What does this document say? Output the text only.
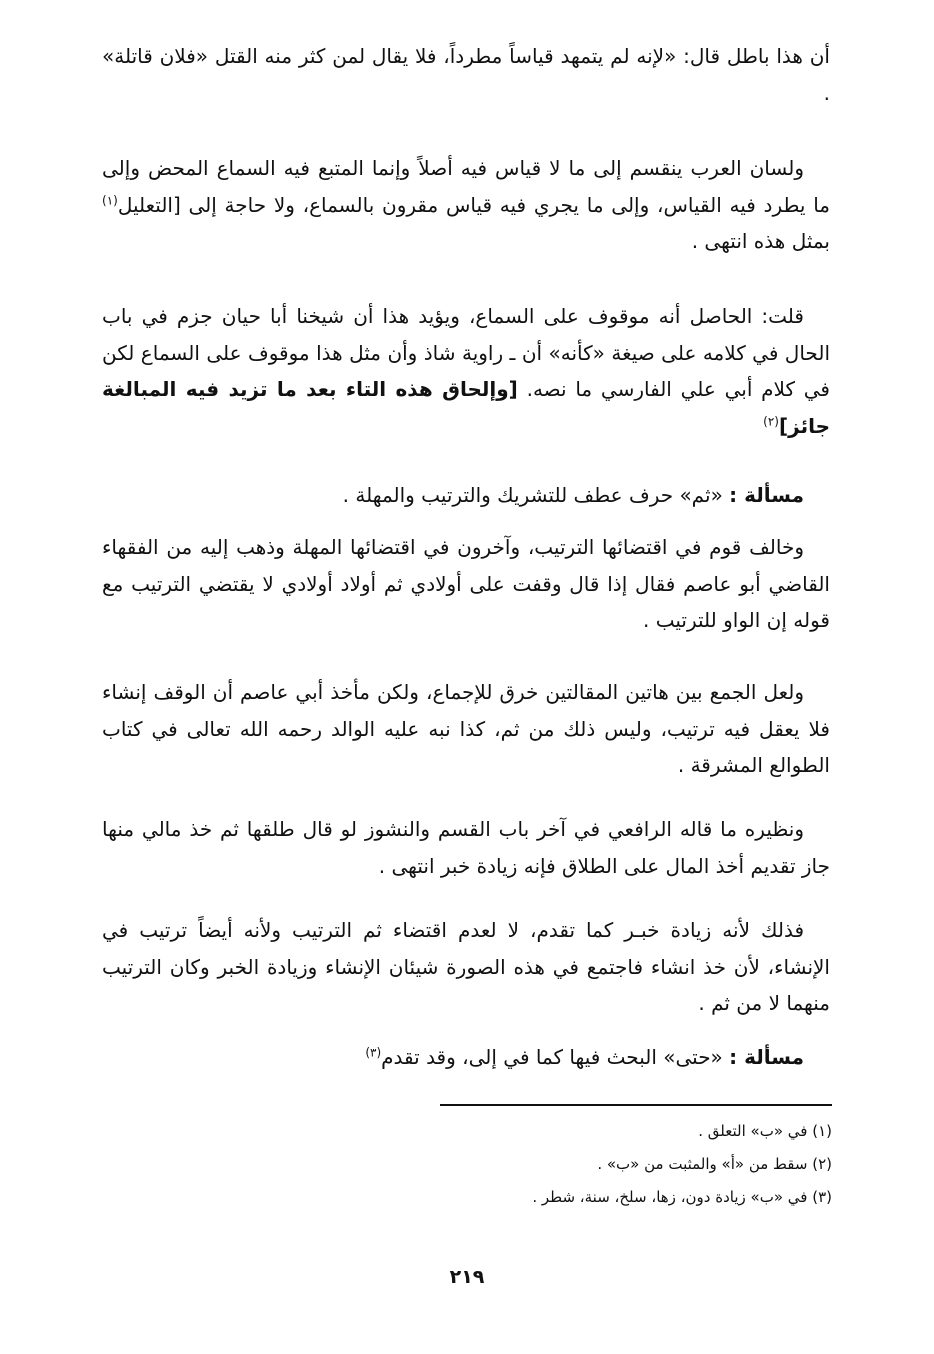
أن هذا باطل قال: «لإنه لم يتمهد قياساً مطرداً، فلا يقال لمن كثر منه القتل «فلان قاتلة» .

ولسان العرب ينقسم إلى ما لا قياس فيه أصلاً وإنما المتبع فيه السماع المحض وإلى ما يطرد فيه القياس، وإلى ما يجري فيه قياس مقرون بالسماع، ولا حاجة إلى [التعليل$^{(١)}$ بمثل هذه انتهى .

قلت: الحاصل أنه موقوف على السماع، ويؤيد هذا أن شيخنا أبا حيان جزم في باب الحال في كلامه على صيغة «كأنه» أن ـ راوية شاذ وأن مثل هذا موقوف على السماع لكن في كلام أبي علي الفارسي ما نصه. [وإلحاق هذه التاء بعد ما تزيد فيه المبالغة جائز]$^{(٢)}$

مسألة : «ثم» حرف عطف للتشريك والترتيب والمهلة .

وخالف قوم في اقتضائها الترتيب، وآخرون في اقتضائها المهلة وذهب إليه من الفقهاء القاضي أبو عاصم فقال إذا قال وقفت على أولادي ثم أولاد أولادي لا يقتضي الترتيب مع قوله إن الواو للترتيب .

ولعل الجمع بين هاتين المقالتين خرق للإجماع، ولكن مأخذ أبي عاصم أن الوقف إنشاء فلا يعقل فيه ترتيب، وليس ذلك من ثم، كذا نبه عليه الوالد رحمه الله تعالى في كتاب الطوالع المشرقة .

ونظيره ما قاله الرافعي في آخر باب القسم والنشوز لو قال طلقها ثم خذ مالي منها جاز تقديم أخذ المال على الطلاق فإنه زيادة خبر انتهى .

فذلك لأنه زيادة خبـر كما تقدم، لا لعدم اقتضاء ثم الترتيب ولأنه أيضاً ترتيب في الإنشاء، لأن خذ انشاء فاجتمع في هذه الصورة شيئان الإنشاء وزيادة الخبر وكان الترتيب منهما لا من ثم .

مسألة : «حتى» البحث فيها كما في إلى، وقد تقدم$^{(٣)}$

(١) في «ب» التعلق .
(٢) سقط من «أ» والمثبت من «ب» .
(٣) في «ب» زيادة دون، زها، سلخ، سنة، شطر .
٢١٩
